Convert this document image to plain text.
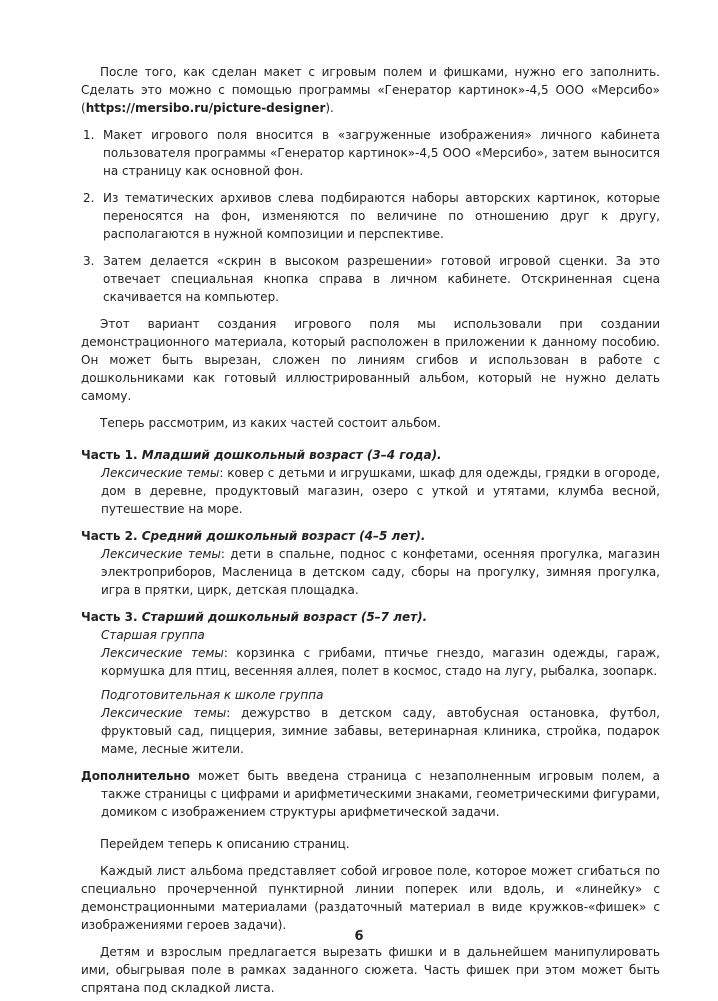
После того, как сделан макет с игровым полем и фишками, нужно его заполнить. Сделать это можно с помощью программы «Генератор картинок»-4,5 ООО «Мерсибо» (https://mersibo.ru/picture-designer).

1. Макет игрового поля вносится в «загруженные изображения» личного кабинета пользователя программы «Генератор картинок»-4,5 ООО «Мерсибо», затем выносится на страницу как основной фон.
2. Из тематических архивов слева подбираются наборы авторских картинок, которые переносятся на фон, изменяются по величине по отношению друг к другу, располагаются в нужной композиции и перспективе.
3. Затем делается «скрин в высоком разрешении» готовой игровой сценки. За это отвечает специальная кнопка справа в личном кабинете. Отскриненная сцена скачивается на компьютер.

Этот вариант создания игрового поля мы использовали при создании демонстрационного материала, который расположен в приложении к данному пособию. Он может быть вырезан, сложен по линиям сгибов и использован в работе с дошкольниками как готовый иллюстрированный альбом, который не нужно делать самому.

Теперь рассмотрим, из каких частей состоит альбом.

Часть 1. Младший дошкольный возраст (3–4 года).

Лексические темы: ковер с детьми и игрушками, шкаф для одежды, грядки в огороде, дом в деревне, продуктовый магазин, озеро с уткой и утятами, клумба весной, путешествие на море.

Часть 2. Средний дошкольный возраст (4–5 лет).

Лексические темы: дети в спальне, поднос с конфетами, осенняя прогулка, магазин электроприборов, Масленица в детском саду, сборы на прогулку, зимняя прогулка, игра в прятки, цирк, детская площадка.

Часть 3. Старший дошкольный возраст (5–7 лет).

Старшая группа

Лексические темы: корзинка с грибами, птичье гнездо, магазин одежды, гараж, кормушка для птиц, весенняя аллея, полет в космос, стадо на лугу, рыбалка, зоопарк.

Подготовительная к школе группа

Лексические темы: дежурство в детском саду, автобусная остановка, футбол, фруктовый сад, пиццерия, зимние забавы, ветеринарная клиника, стройка, подарок маме, лесные жители.

Дополнительно может быть введена страница с незаполненным игровым полем, а также страницы с цифрами и арифметическими знаками, геометрическими фигурами, домиком с изображением структуры арифметической задачи.

Перейдем теперь к описанию страниц.

Каждый лист альбома представляет собой игровое поле, которое может сгибаться по специально прочерченной пунктирной линии поперек или вдоль, и «линейку» с демонстрационными материалами (раздаточный материал в виде кружков-«фишек» с изображениями героев задачи).

Детям и взрослым предлагается вырезать фишки и в дальнейшем манипулировать ими, обыгрывая поле в рамках заданного сюжета. Часть фишек при этом может быть спрятана под складкой листа.

6
